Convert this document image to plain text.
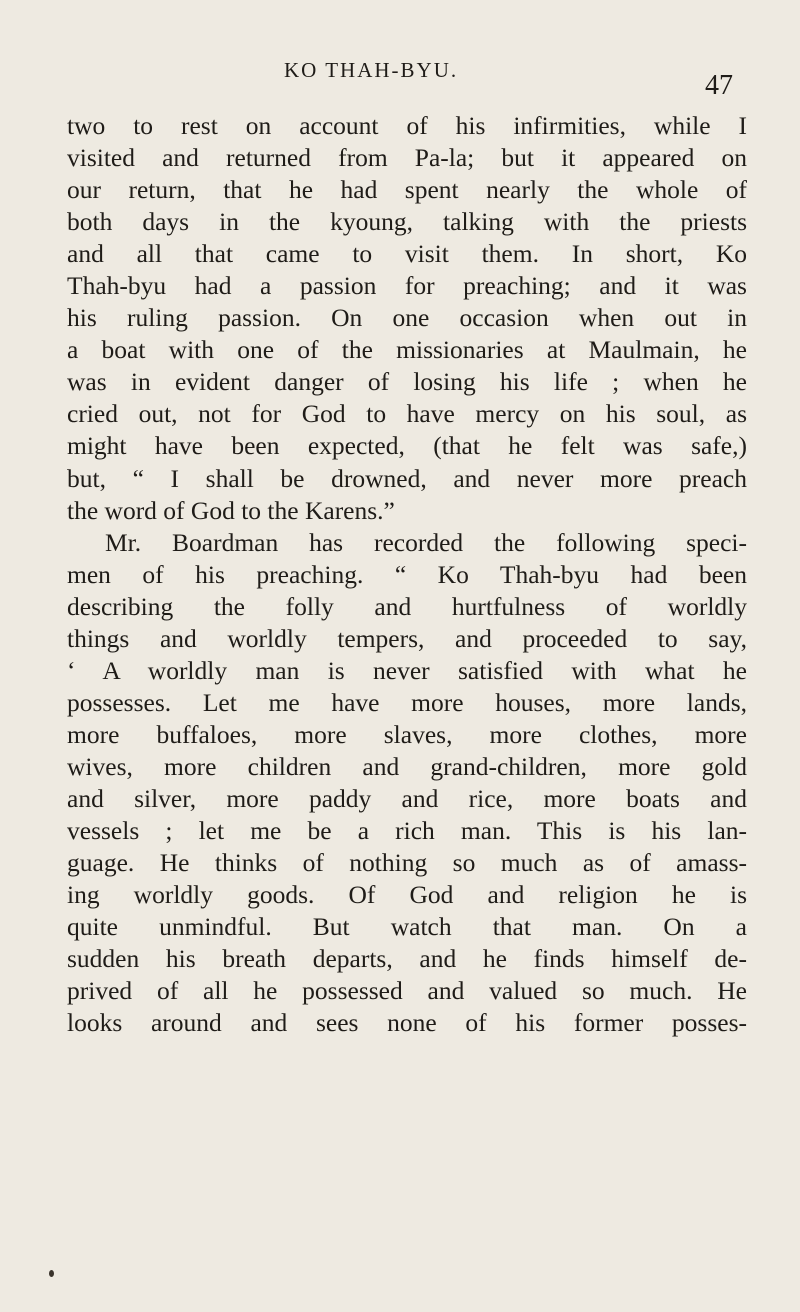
KO THAH-BYU.	47
two to rest on account of his infirmities, while I
visited and returned from Pa-la; but it appeared on
our return, that he had spent nearly the whole of
both days in the kyoung, talking with the priests
and all that came to visit them. In short, Ko
Thah-byu had a passion for preaching; and it was
his ruling passion. On one occasion when out in
a boat with one of the missionaries at Maulmain, he
was in evident danger of losing his life ; when he
cried out, not for God to have mercy on his soul, as
might have been expected, (that he felt was safe,)
but, “ I shall be drowned, and never more preach
the word of God to the Karens.”
Mr. Boardman has recorded the following speci-
men of his preaching. “ Ko Thah-byu had been
describing the folly and hurtfulness of worldly
things and worldly tempers, and proceeded to say,
‘ A worldly man is never satisfied with what he
possesses. Let me have more houses, more lands,
more buffaloes, more slaves, more clothes, more
wives, more children and grand-children, more gold
and silver, more paddy and rice, more boats and
vessels ; let me be a rich man. This is his lan-
guage. He thinks of nothing so much as of amass-
ing worldly goods. Of God and religion he is
quite unmindful. But watch that man. On a
sudden his breath departs, and he finds himself de-
prived of all he possessed and valued so much. He
looks around and sees none of his former posses-
